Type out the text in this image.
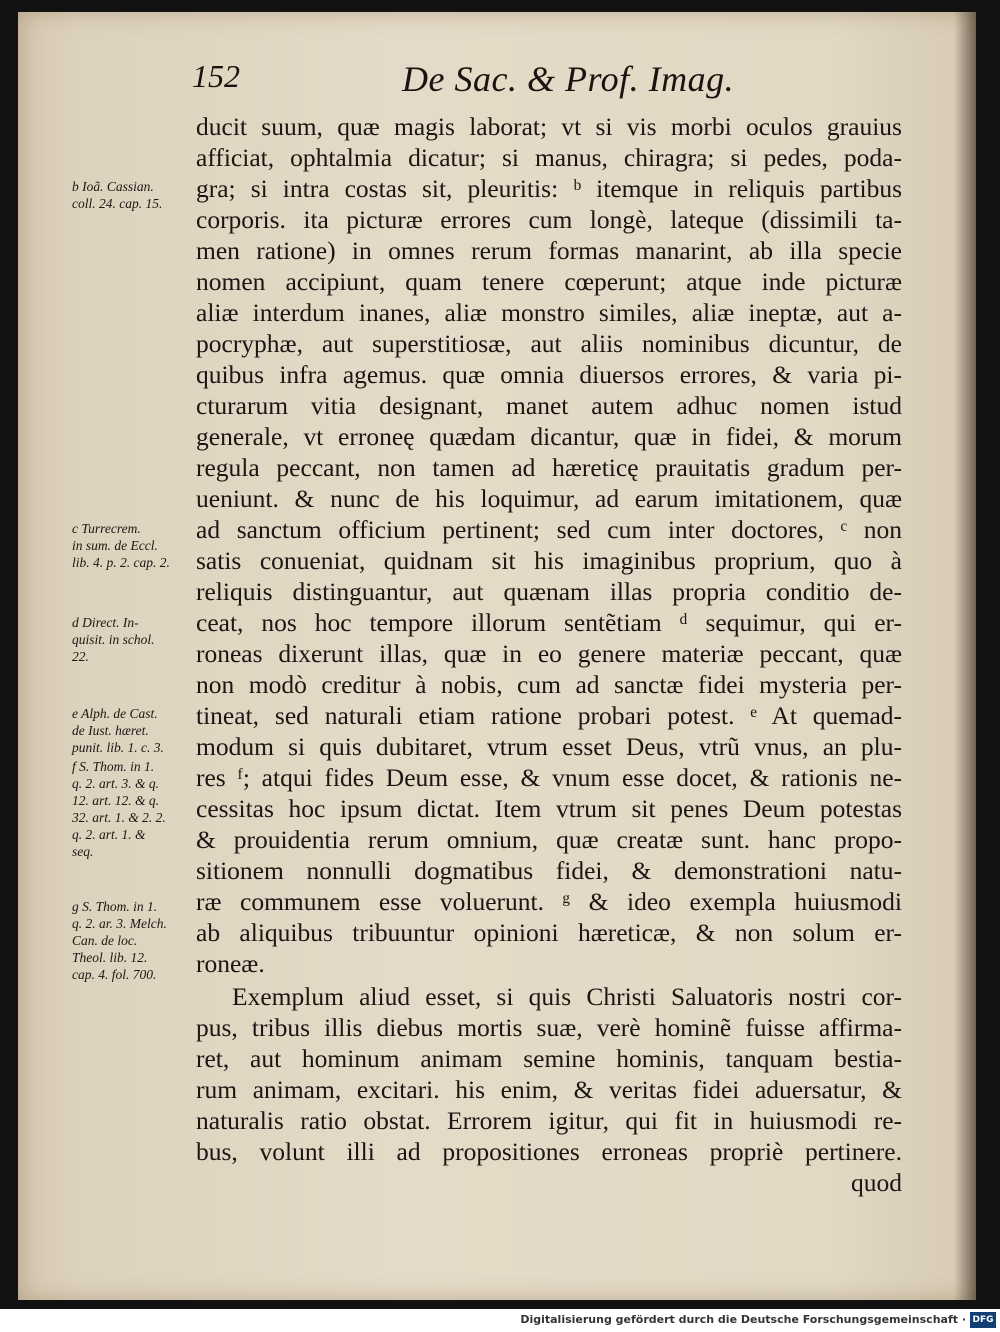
152	De Sac. & Prof. Imag.
ducit suum, quæ magis laborat; vt si vis morbi oculos grauius
afficiat, ophtalmia dicatur; si manus, chiragra; si pedes, poda-
gra; si intra costas sit, pleuritis: ᵇ itemque in reliquis partibus
corporis. ita picturæ errores cum longè, lateque (dissimili ta-
men ratione) in omnes rerum formas manarint, ab illa specie
nomen accipiunt, quam tenere cœperunt; atque inde picturæ
aliæ interdum inanes, aliæ monstro similes, aliæ ineptæ, aut a-
pocryphæ, aut superstitiosæ, aut aliis nominibus dicuntur, de
quibus infra agemus. quæ omnia diuersos errores, & varia pi-
cturarum vitia designant, manet autem adhuc nomen istud
generale, vt erroneę quædam dicantur, quæ in fidei, & morum
regula peccant, non tamen ad hæreticę prauitatis gradum per-
ueniunt. & nunc de his loquimur, ad earum imitationem, quæ
ad sanctum officium pertinent; sed cum inter doctores, ᶜ non
satis conueniat, quidnam sit his imaginibus proprium, quo à
reliquis distinguantur, aut quænam illas propria conditio de-
ceat, nos hoc tempore illorum sentẽtiam ᵈ sequimur, qui er-
roneas dixerunt illas, quæ in eo genere materiæ peccant, quæ
non modò creditur à nobis, cum ad sanctæ fidei mysteria per-
tineat, sed naturali etiam ratione probari potest. ᵉ At quemad-
modum si quis dubitaret, vtrum esset Deus, vtrũ vnus, an plu-
res ᶠ; atqui fides Deum esse, & vnum esse docet, & rationis ne-
cessitas hoc ipsum dictat. Item vtrum sit penes Deum potestas
& prouidentia rerum omnium, quæ creatæ sunt. hanc propo-
sitionem nonnulli dogmatibus fidei, & demonstrationi natu-
ræ communem esse voluerunt. ᵍ & ideo exempla huiusmodi
ab aliquibus tribuuntur opinioni hæreticæ, & non solum er-
roneæ.
Exemplum aliud esset, si quis Christi Saluatoris nostri cor-
pus, tribus illis diebus mortis suæ, verè hominẽ fuisse affirma-
ret, aut hominum animam semine hominis, tanquam bestia-
rum animam, excitari. his enim, & veritas fidei aduersatur, &
naturalis ratio obstat. Errorem igitur, qui fit in huiusmodi re-
bus, volunt illi ad propositiones erroneas propriè pertinere.
quod
b Ioã. Cassian.
coll. 24. cap. 15.
c Turrecrem.
in sum. de Eccl.
lib. 4. p. 2. cap. 2.
d Direct. In-
quisit. in schol.
22.
e Alph. de Cast.
de Iust. hæret.
punit. lib. 1. c. 3.
f S. Thom. in 1.
q. 2. art. 3. & q.
12. art. 12. & q.
32. art. 1. & 2. 2.
q. 2. art. 1. &
seq.
g S. Thom. in 1.
q. 2. ar. 3. Melch.
Can. de loc.
Theol. lib. 12.
cap. 4. fol. 700.
Digitalisierung gefördert durch die Deutsche Forschungsgemeinschaft · DFG
